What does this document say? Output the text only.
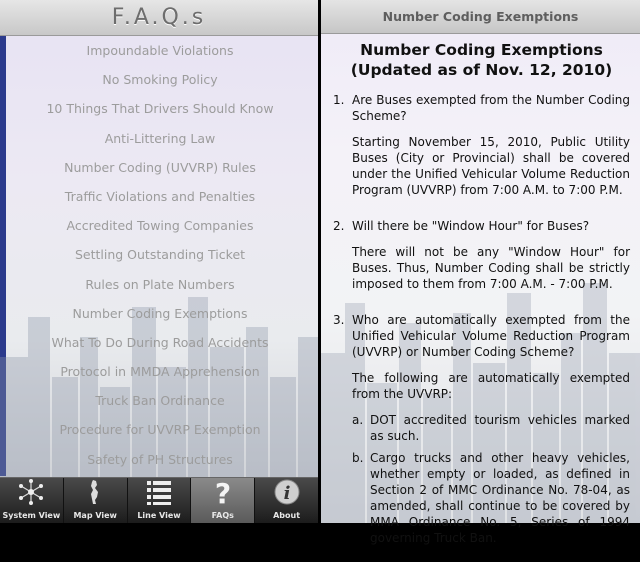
F.A.Q.s
Impoundable Violations
No Smoking Policy
10 Things That Drivers Should Know
Anti-Littering Law
Number Coding (UVVRP) Rules
Traffic Violations and Penalties
Accredited Towing Companies
Settling Outstanding Ticket
Rules on Plate Numbers
Number Coding Exemptions
What To Do During Road Accidents
Protocol in MMDA Apprehension
Truck Ban Ordinance
Procedure for UVVRP Exemption
Safety of PH Structures
System View Map View	Line View
?
FAQs
i
About
Number Coding Exemptions
Number Coding Exemptions (Updated as of Nov. 12, 2010)
1. Are Buses exempted from the Number Coding Scheme?

Starting November 15, 2010, Public Utility Buses (City or Provincial) shall be covered under the Unified Vehicular Volume Reduction Program (UVVRP) from 7:00 A.M. to 7:00 P.M.

2. Will there be "Window Hour" for Buses?

There will not be any "Window Hour" for Buses. Thus, Number Coding shall be strictly imposed to them from 7:00 A.M. - 7:00 P.M.

3. Who are automatically exempted from the Unified Vehicular Volume Reduction Program (UVVRP) or Number Coding Scheme?

The following are automatically exempted from the UVVRP:

a. DOT accredited tourism vehicles marked as such.
b. Cargo trucks and other heavy vehicles, whether empty or loaded, as defined in Section 2 of MMC Ordinance No. 78-04, as amended, shall continue to be covered by MMA Ordinance No. 5, Series of 1994 governing Truck Ban.
